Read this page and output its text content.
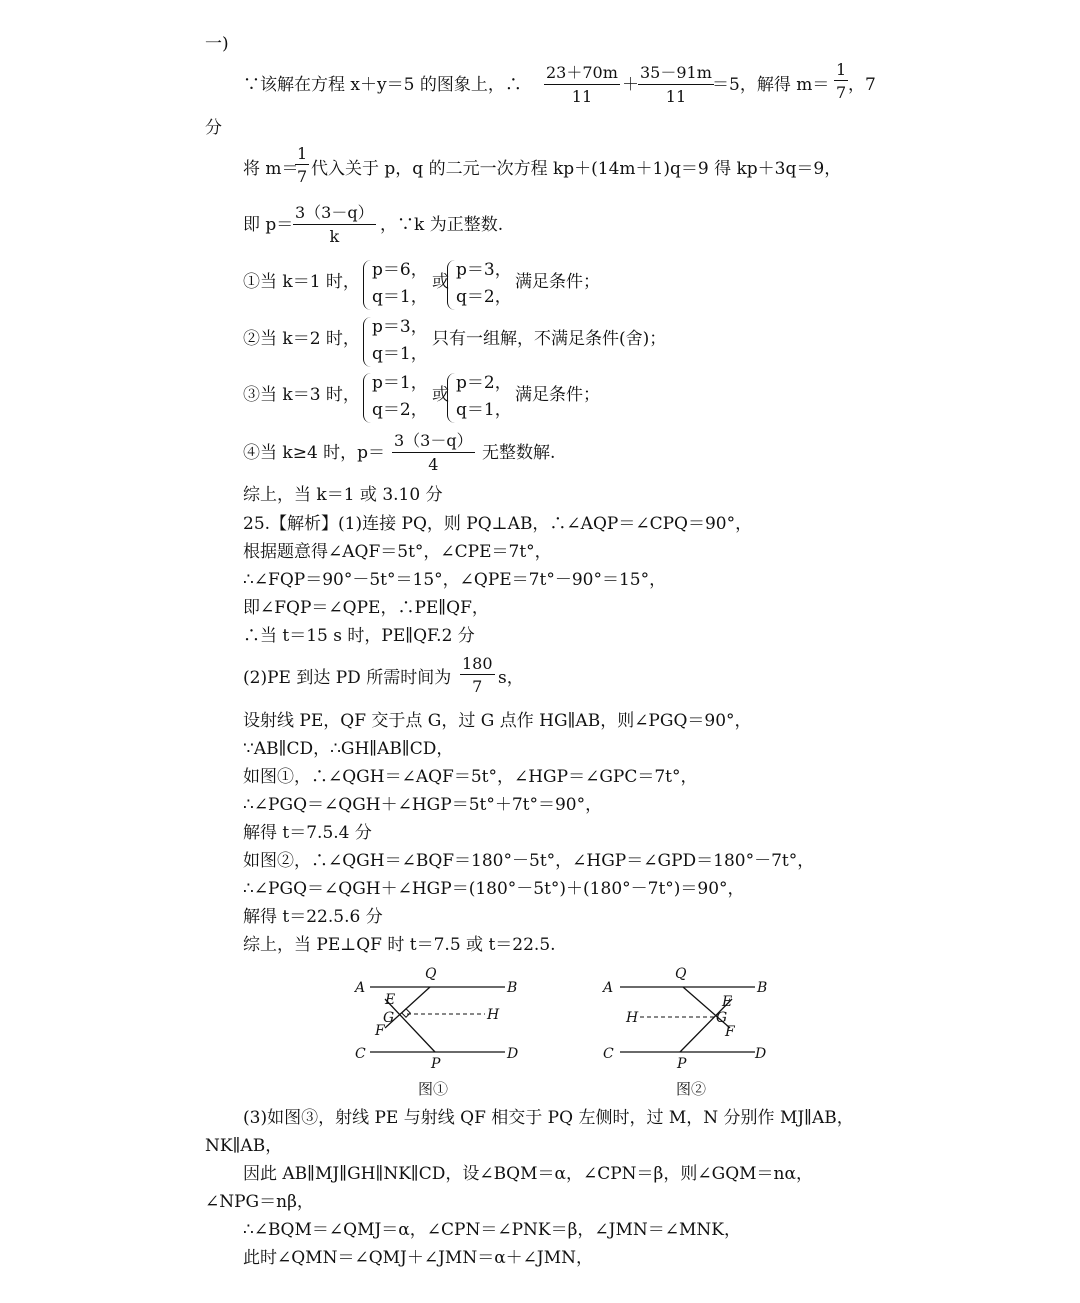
一)
∵该解在方程 x＋y＝5 的图象上，∴ $\frac{23+70m}{11} + \frac{35-91m}{11}$
＝5，解得 $m= \frac{1}{7}$ ，7
分
将 m＝
$\frac{1}{7}$ 代入关于 p，q 的二元一次方程 kp＋(14m＋1)q＝9 得 kp＋3q＝9，
即 $p= \frac{3(3-q)}{k}$ ，∵k 为正整数.
①当 k＝1 时，
p＝6，
q＝1，
或
p＝3，
q＝2，
满足条件；
②当 k＝2 时，
p＝3，
q＝1，
只有一组解，不满足条件(舍)；
③当 k＝3 时，
p＝1，
q＝2，
或
p＝2，
q＝1，
满足条件；
④当 k≥4 时，$p= \frac{3(3-q)}{4}$ 无整数解.
综上，当 k＝1 或 3.10 分
25.【解析】(1)连接 PQ，则 PQ⊥AB，∴∠AQP＝∠CPQ＝90°，
根据题意得∠AQF＝5t°，∠CPE＝7t°，
∴∠FQP＝90°－5t°＝15°，∠QPE＝7t°－90°＝15°，
即∠FQP＝∠QPE，∴PE∥QF，
∴当 t＝15 s 时，PE∥QF.2 分
(2)PE 到达 PD 所需时间为 $\frac{180}{7}$ s，
设射线 PE，QF 交于点 G，过 G 点作 HG∥AB，则∠PGQ＝90°，
∵AB∥CD，∴GH∥AB∥CD，
如图①，∴∠QGH＝∠AQF＝5t°，∠HGP＝∠GPC＝7t°，
∴∠PGQ＝∠QGH＋∠HGP＝5t°＋7t°＝90°，
解得 t＝7.5.4 分
如图②，∴∠QGH＝∠BQF＝180°－5t°，∠HGP＝∠GPD＝180°－7t°，
∴∠PGQ＝∠QGH＋∠HGP＝(180°－5t°)＋(180°－7t°)＝90°，
解得 t＝22.5.6 分
综上，当 PE⊥QF 时 t＝7.5 或 t＝22.5.
A	B
C	D
Q
P
E
G
F
H
图①
A	B
C	D
Q
P
E
G
F
H
图②
(3)如图③，射线 PE 与射线 QF 相交于 PQ 左侧时，过 M，N 分别作 MJ∥AB，
NK∥AB，
因此 AB∥MJ∥GH∥NK∥CD，设∠BQM＝α，∠CPN＝β，则∠GQM＝nα，
∠NPG＝nβ，
∴∠BQM＝∠QMJ＝α，∠CPN＝∠PNK＝β，∠JMN＝∠MNK，
此时∠QMN＝∠QMJ＋∠JMN＝α＋∠JMN，
